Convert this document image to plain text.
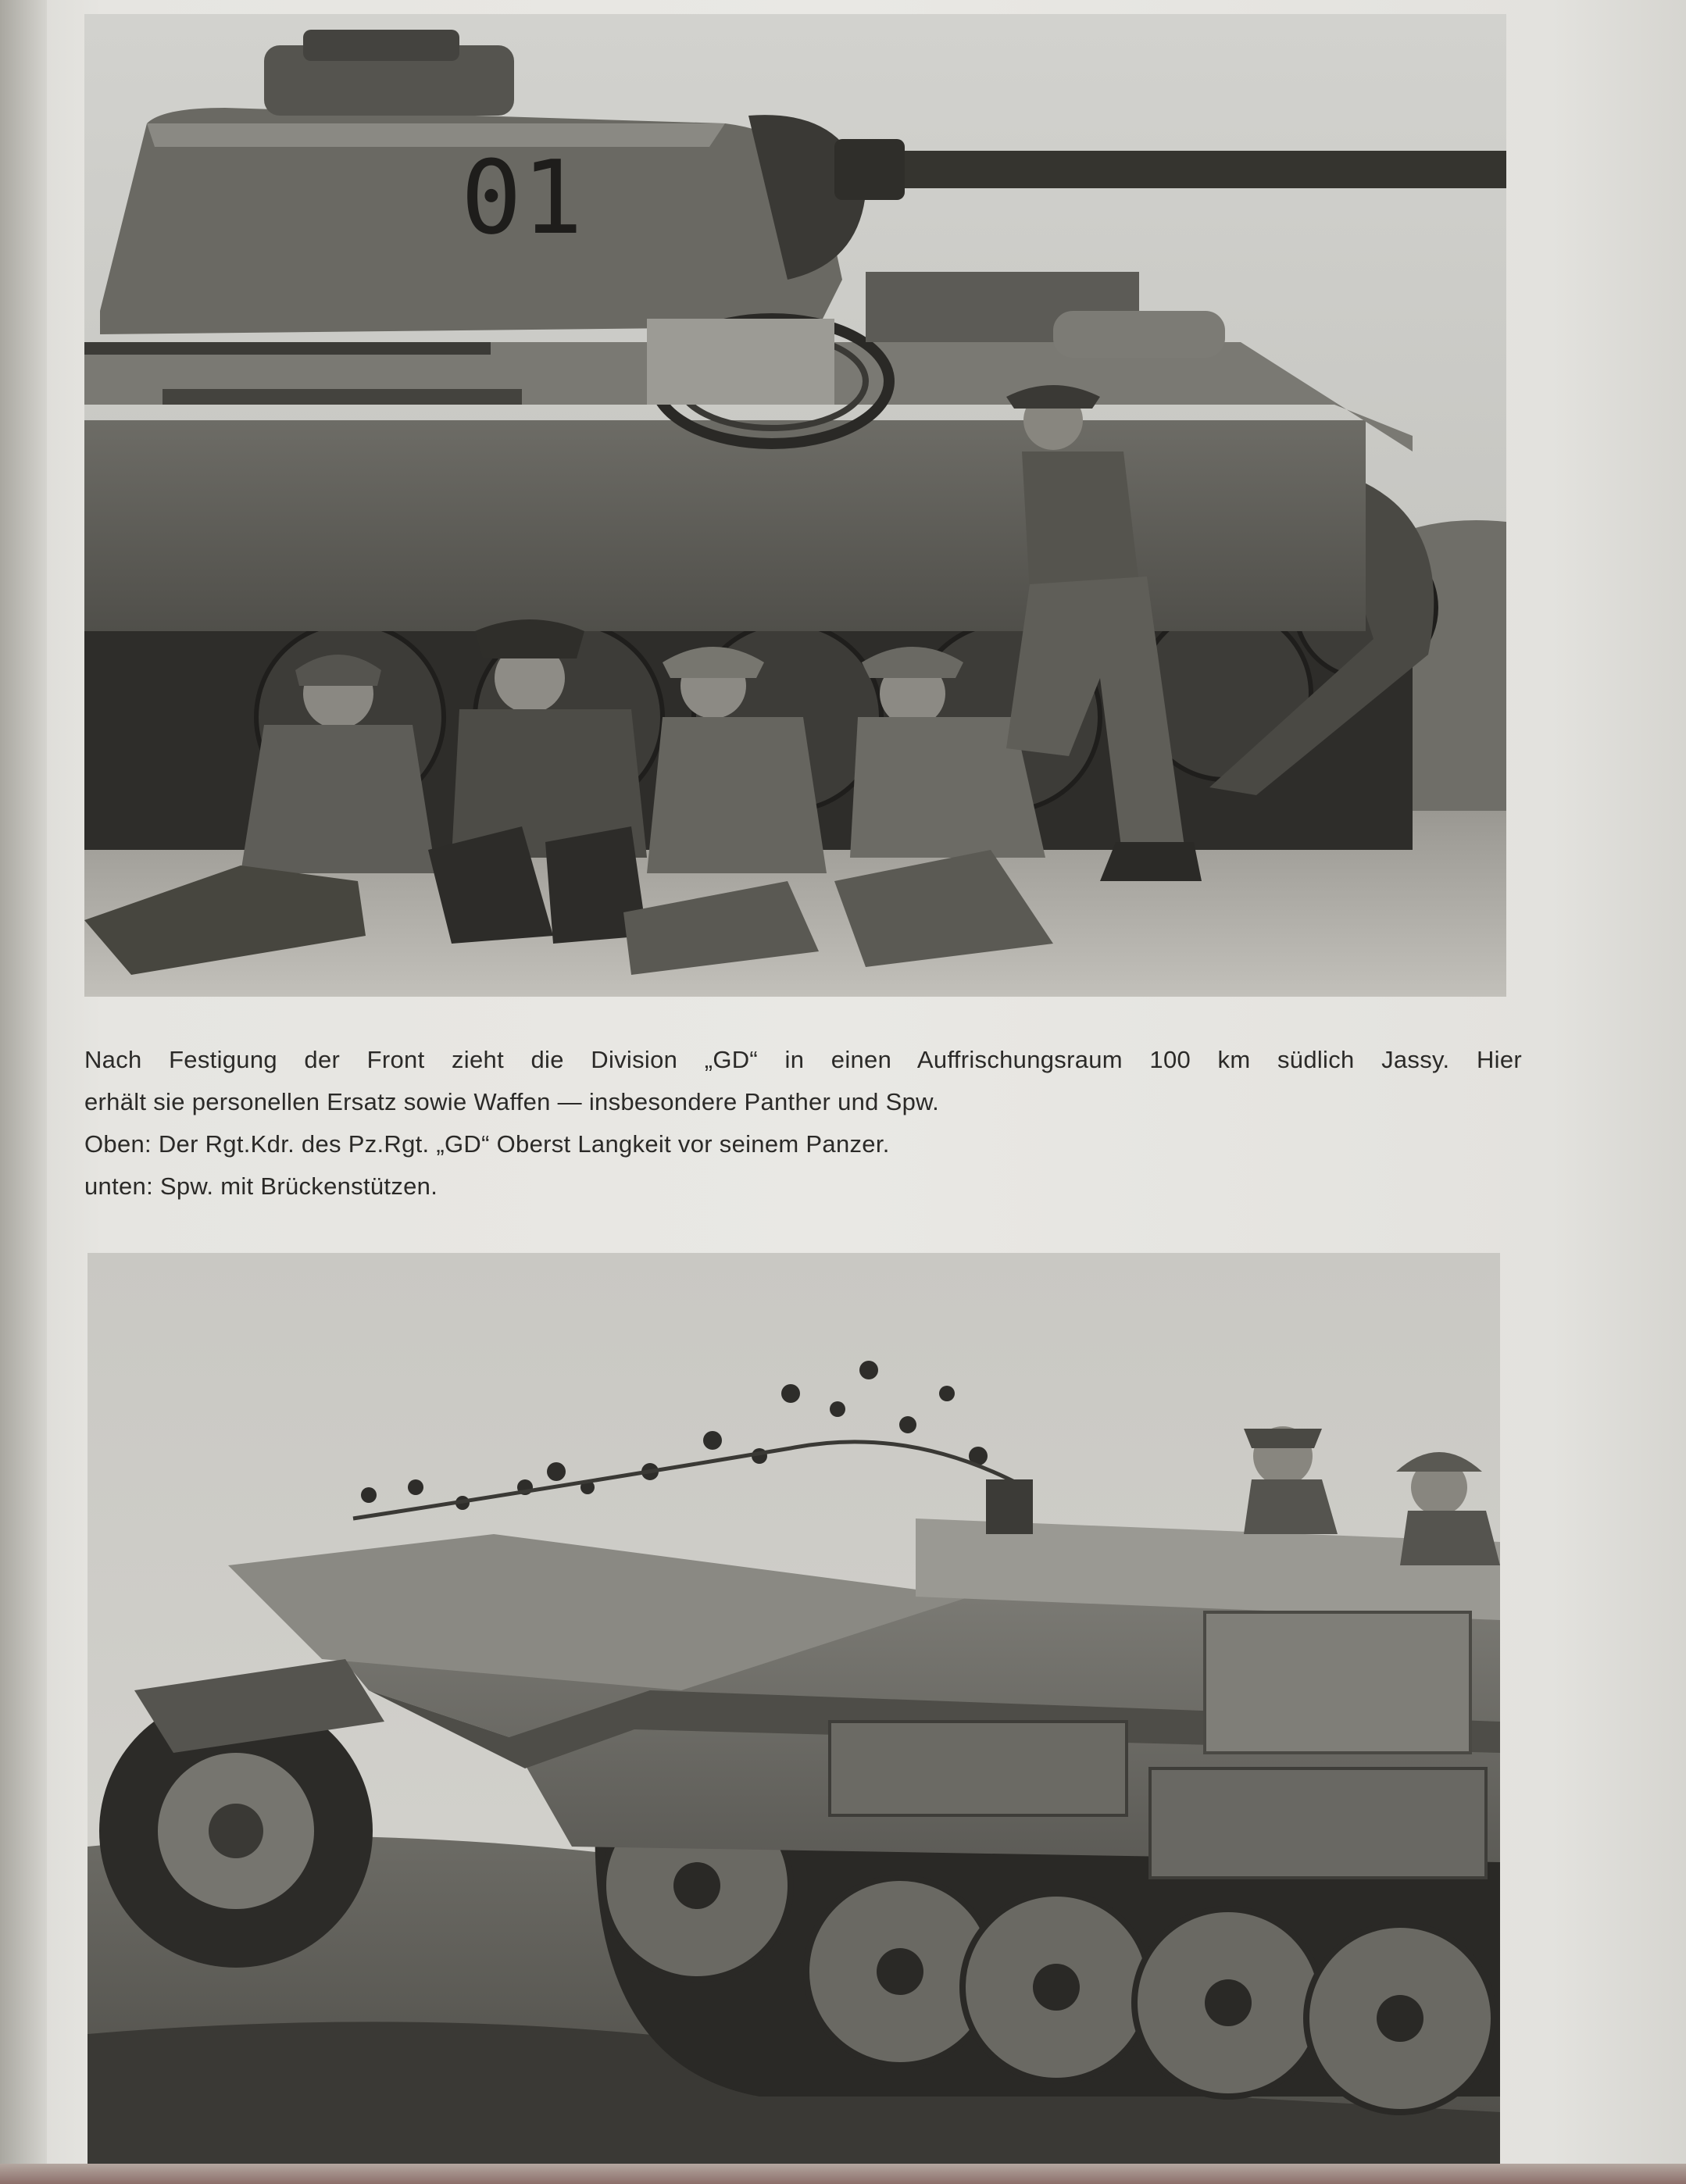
01
Nach Festigung der Front zieht die Division „GD“ in einen Auffrischungsraum 100 km südlich Jassy. Hier
erhält sie personellen Ersatz sowie Waffen — insbesondere Panther und Spw.
Oben: Der Rgt.Kdr. des Pz.Rgt. „GD“ Oberst Langkeit vor seinem Panzer.
unten: Spw. mit Brückenstützen.
